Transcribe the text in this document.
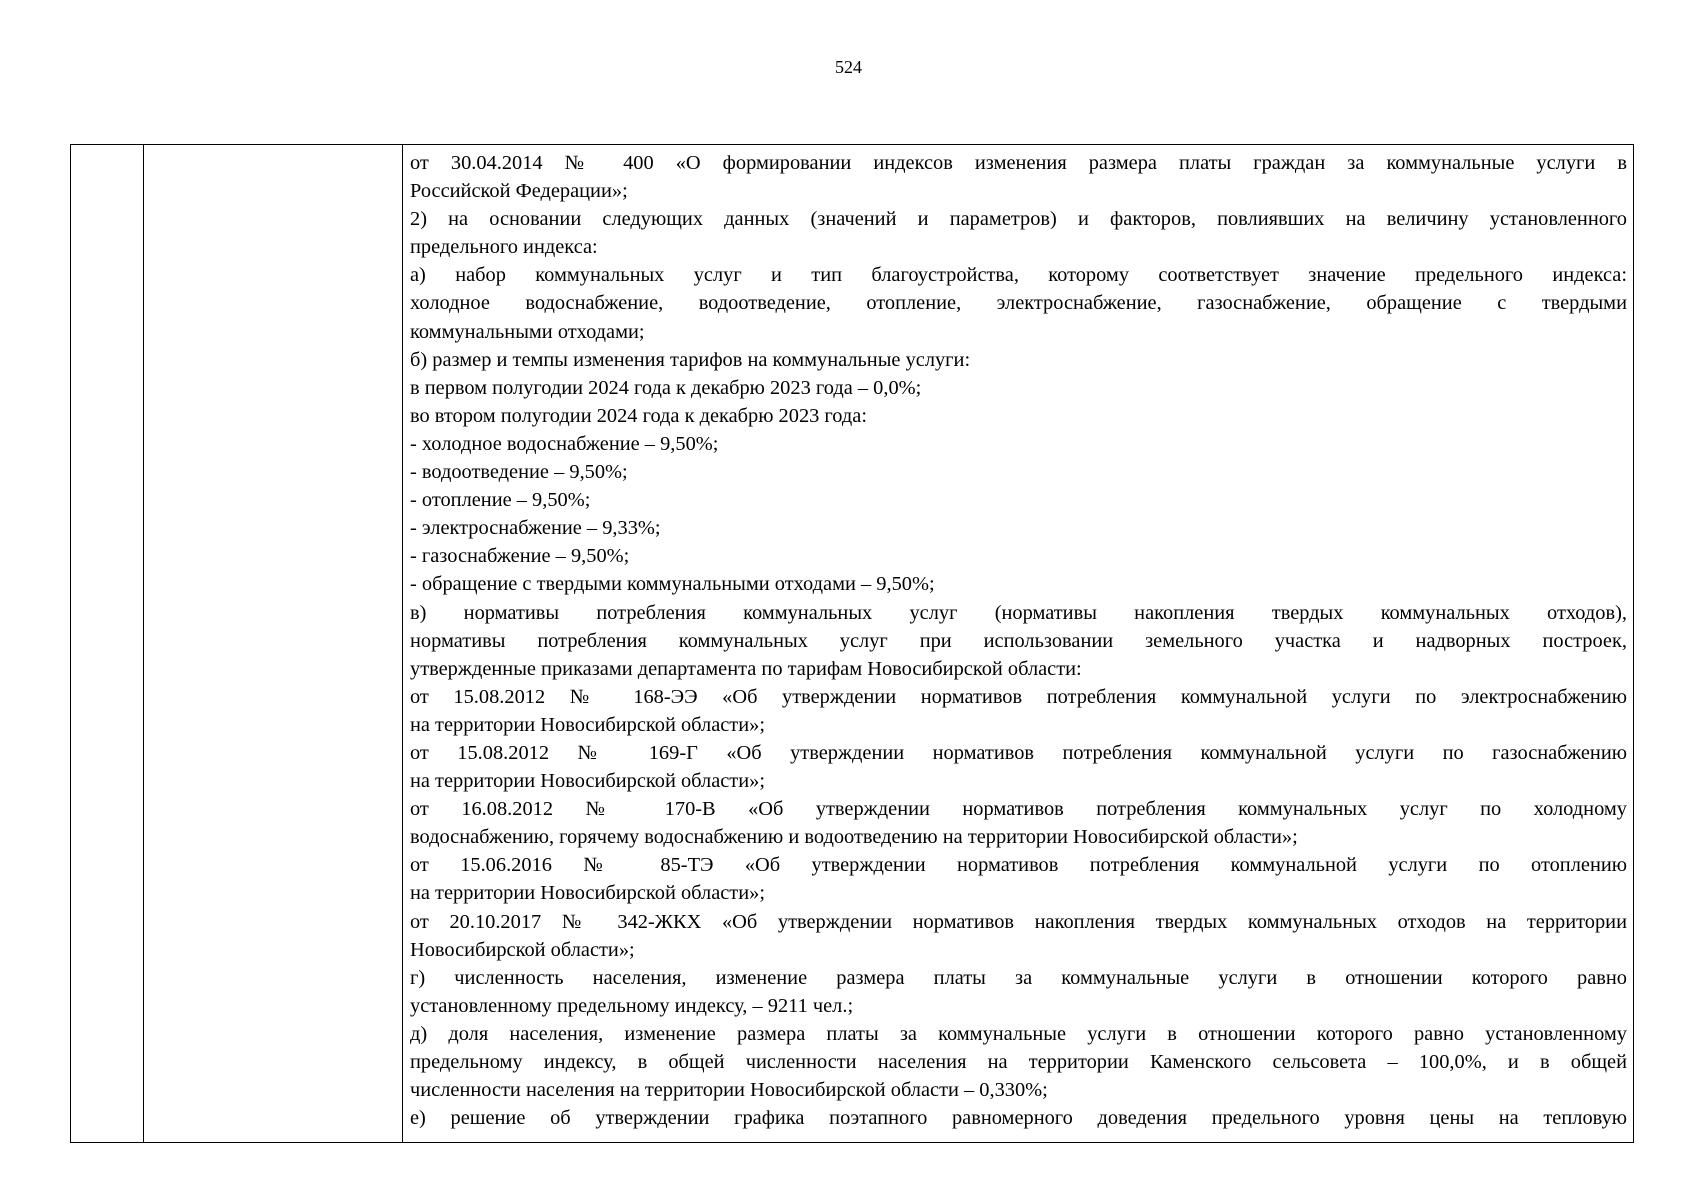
524
от 30.04.2014 № 400 «О формировании индексов изменения размера платы граждан за коммунальные услуги в
Российской Федерации»;
2) на основании следующих данных (значений и параметров) и факторов, повлиявших на величину установленного
предельного индекса:
а) набор коммунальных услуг и тип благоустройства, которому соответствует значение предельного индекса:
холодное водоснабжение, водоотведение, отопление, электроснабжение, газоснабжение, обращение с твердыми
коммунальными отходами;
б) размер и темпы изменения тарифов на коммунальные услуги:
в первом полугодии 2024 года к декабрю 2023 года – 0,0%;
во втором полугодии 2024 года к декабрю 2023 года:
- холодное водоснабжение – 9,50%;
- водоотведение – 9,50%;
- отопление – 9,50%;
- электроснабжение – 9,33%;
- газоснабжение – 9,50%;
- обращение с твердыми коммунальными отходами – 9,50%;
в) нормативы потребления коммунальных услуг (нормативы накопления твердых коммунальных отходов),
нормативы потребления коммунальных услуг при использовании земельного участка и надворных построек,
утвержденные приказами департамента по тарифам Новосибирской области:
от 15.08.2012 № 168-ЭЭ «Об утверждении нормативов потребления коммунальной услуги по электроснабжению
на территории Новосибирской области»;
от 15.08.2012 № 169-Г «Об утверждении нормативов потребления коммунальной услуги по газоснабжению
на территории Новосибирской области»;
от 16.08.2012 № 170-В «Об утверждении нормативов потребления коммунальных услуг по холодному
водоснабжению, горячему водоснабжению и водоотведению на территории Новосибирской области»;
от 15.06.2016 № 85-ТЭ «Об утверждении нормативов потребления коммунальной услуги по отоплению
на территории Новосибирской области»;
от 20.10.2017 № 342-ЖКХ «Об утверждении нормативов накопления твердых коммунальных отходов на территории
Новосибирской области»;
г) численность населения, изменение размера платы за коммунальные услуги в отношении которого равно
установленному предельному индексу, – 9211 чел.;
д) доля населения, изменение размера платы за коммунальные услуги в отношении которого равно установленному
предельному индексу, в общей численности населения на территории Каменского сельсовета – 100,0%, и в общей
численности населения на территории Новосибирской области – 0,330%;
е) решение об утверждении графика поэтапного равномерного доведения предельного уровня цены на тепловую
